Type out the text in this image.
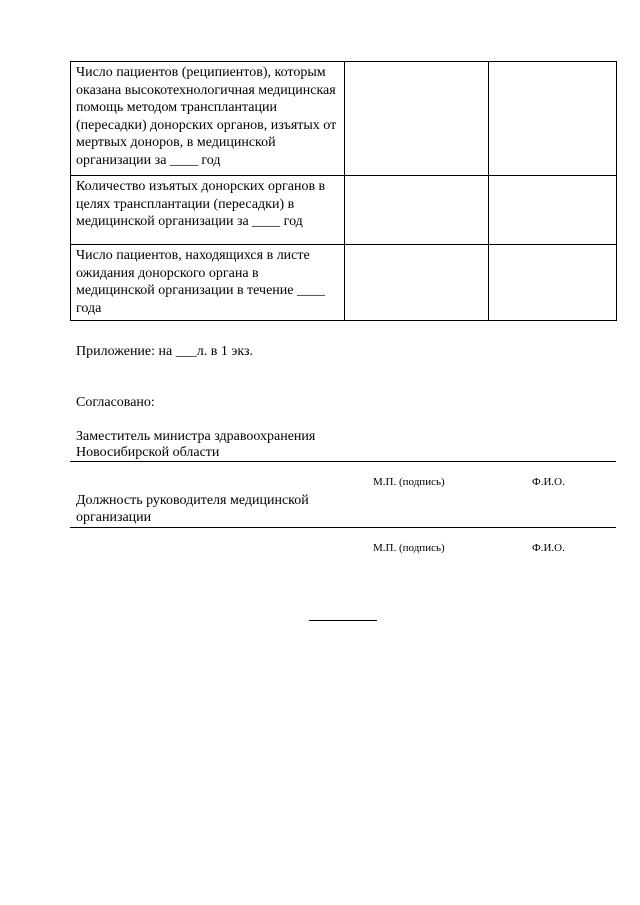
Число пациентов (реципиентов), которым оказана высокотехнологичная медицинская помощь методом трансплантации (пересадки) донорских органов, изъятых от мертвых доноров, в медицинской организации за ____ год		
Количество изъятых донорских органов в целях трансплантации (пересадки) в медицинской организации за ____ год		
Число пациентов, находящихся в листе ожидания донорского органа в медицинской организации в течение ____ года		
Приложение: на ___л. в 1 экз.
Согласовано:
Заместитель министра здравоохранения
Новосибирской области
М.П. (подпись)	Ф.И.О.
Должность руководителя медицинской
организации
М.П. (подпись)	Ф.И.О.
